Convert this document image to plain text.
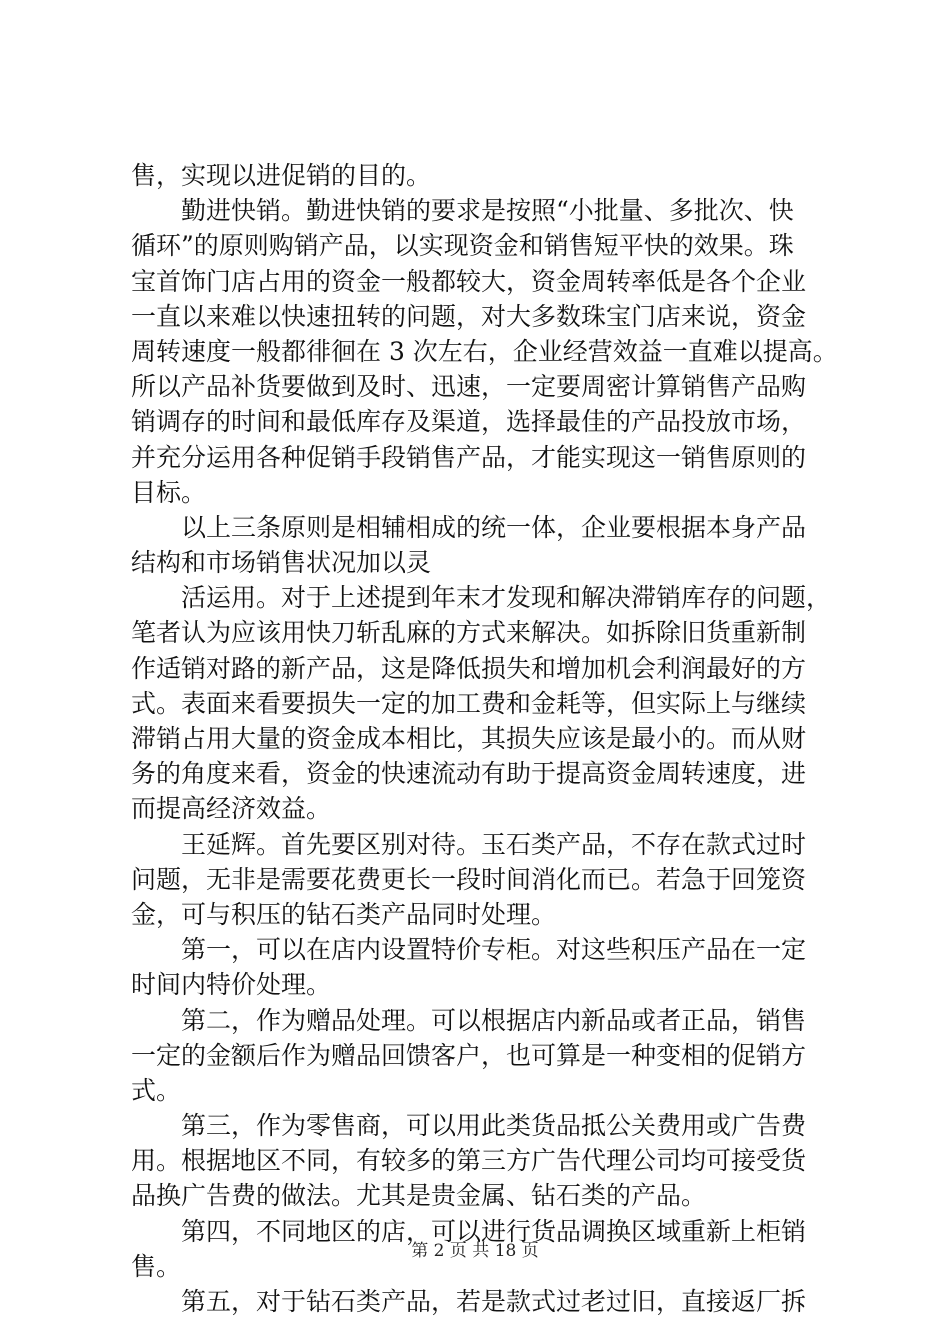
售，实现以进促销的目的。
勤进快销。勤进快销的要求是按照“小批量、多批次、快
循环”的原则购销产品，以实现资金和销售短平快的效果。珠
宝首饰门店占用的资金一般都较大，资金周转率低是各个企业
一直以来难以快速扭转的问题，对大多数珠宝门店来说，资金
周转速度一般都徘徊在 3 次左右，企业经营效益一直难以提高。
所以产品补货要做到及时、迅速，一定要周密计算销售产品购
销调存的时间和最低库存及渠道，选择最佳的产品投放市场，
并充分运用各种促销手段销售产品，才能实现这一销售原则的
目标。
以上三条原则是相辅相成的统一体，企业要根据本身产品
结构和市场销售状况加以灵
活运用。对于上述提到年末才发现和解决滞销库存的问题，
笔者认为应该用快刀斩乱麻的方式来解决。如拆除旧货重新制
作适销对路的新产品，这是降低损失和增加机会利润最好的方
式。表面来看要损失一定的加工费和金耗等，但实际上与继续
滞销占用大量的资金成本相比，其损失应该是最小的。而从财
务的角度来看，资金的快速流动有助于提高资金周转速度，进
而提高经济效益。
王延辉。首先要区别对待。玉石类产品，不存在款式过时
问题，无非是需要花费更长一段时间消化而已。若急于回笼资
金，可与积压的钻石类产品同时处理。
第一，可以在店内设置特价专柜。对这些积压产品在一定
时间内特价处理。
第二，作为赠品处理。可以根据店内新品或者正品，销售
一定的金额后作为赠品回馈客户，也可算是一种变相的促销方
式。
第三，作为零售商，可以用此类货品抵公关费用或广告费
用。根据地区不同，有较多的第三方广告代理公司均可接受货
品换广告费的做法。尤其是贵金属、钻石类的产品。
第四，不同地区的店，可以进行货品调换区域重新上柜销
售。
第五，对于钻石类产品，若是款式过老过旧，直接返厂拆
第 2 页 共 18 页
